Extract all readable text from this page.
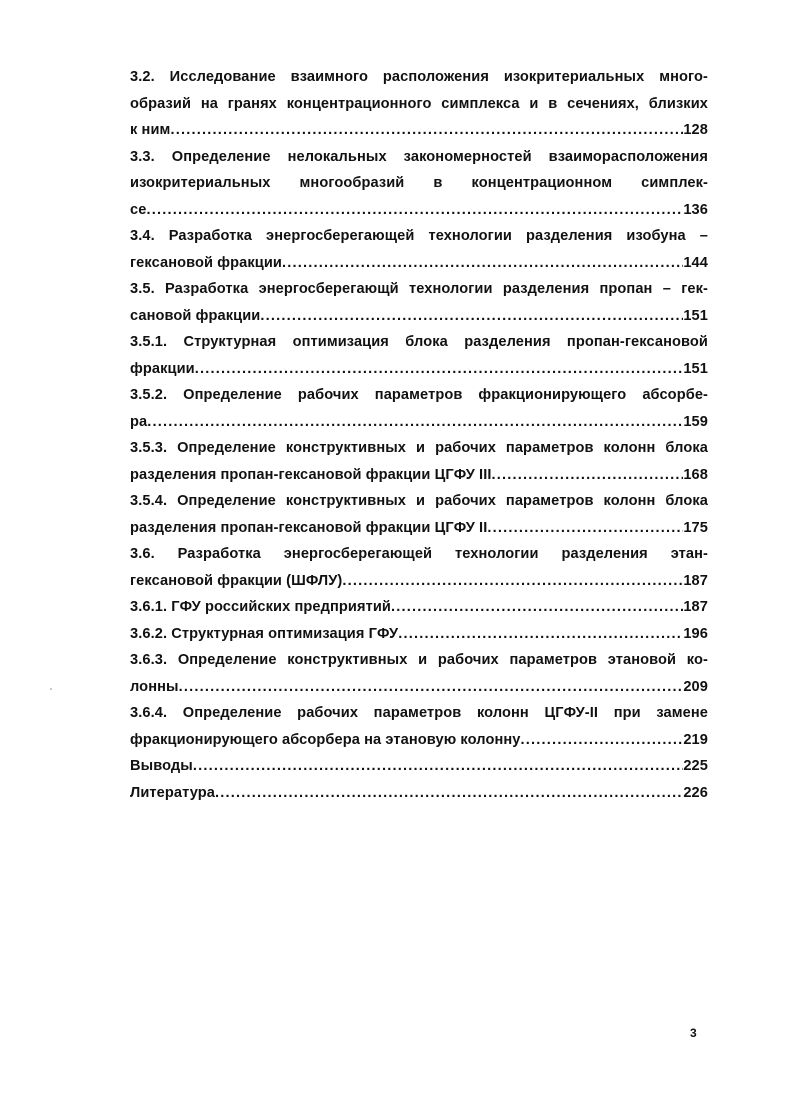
3.2. Исследование взаимного расположения изокритериальных много-
образий на гранях концентрационного симплекса и в сечениях, близких
к ним .....	128

3.3. Определение нелокальных закономерностей взаиморасположения
изокритериальных многообразий в концентрационном симплек-
се .....	136

3.4. Разработка энергосберегающей технологии разделения изобуна –
гексановой фракции .....	144

3.5. Разработка энергосберегающй технологии разделения пропан – гек-
сановой фракции .....	151

3.5.1. Структурная оптимизация блока разделения пропан-гексановой
фракции .....	151

3.5.2. Определение рабочих параметров фракционирующего абсорбе-
ра .....	159

3.5.3. Определение конструктивных и рабочих параметров колонн блока
разделения пропан-гексановой фракции ЦГФУ III .....	168

3.5.4. Определение конструктивных и рабочих параметров колонн блока
разделения пропан-гексановой фракции ЦГФУ II .....	175

3.6. Разработка энергосберегающей технологии разделения этан-
гексановой фракции (ШФЛУ) .....	187

3.6.1. ГФУ российских предприятий .....	187

3.6.2. Структурная оптимизация ГФУ .....	196

3.6.3. Определение конструктивных и рабочих параметров этановой ко-
лонны .....	209

3.6.4. Определение рабочих параметров колонн ЦГФУ-II при замене
фракционирующего абсорбера на этановую колонну .....	219

Выводы .....	225

Литература .....	226

3
